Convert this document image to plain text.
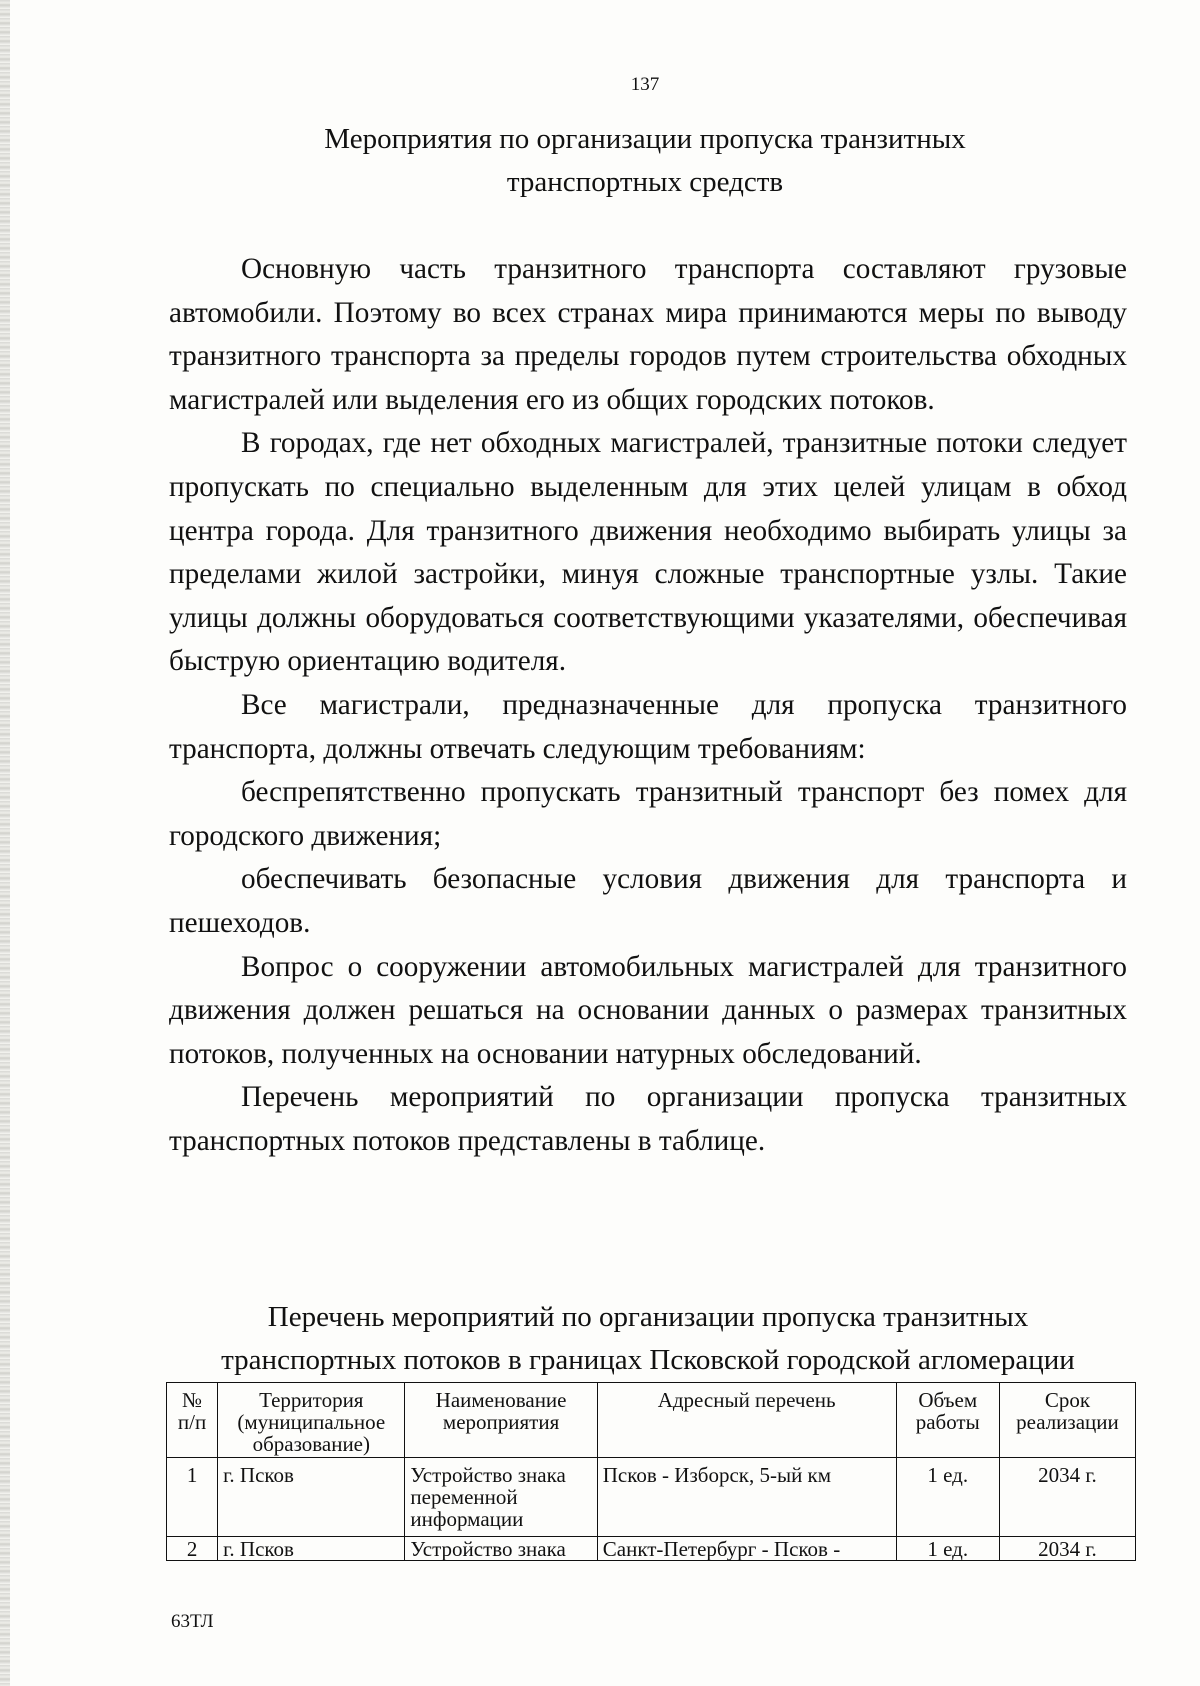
137
Мероприятия по организации пропуска транзитных
транспортных средств

Основную часть транзитного транспорта составляют грузовые автомобили. Поэтому во всех странах мира принимаются меры по выводу транзитного транспорта за пределы городов путем строительства обходных магистралей или выделения его из общих городских потоков.

В городах, где нет обходных магистралей, транзитные потоки следует пропускать по специально выделенным для этих целей улицам в обход центра города. Для транзитного движения необходимо выбирать улицы за пределами жилой застройки, минуя сложные транспортные узлы. Такие улицы должны оборудоваться соответствующими указателями, обеспечивая быструю ориентацию водителя.

Все магистрали, предназначенные для пропуска транзитного транспорта, должны отвечать следующим требованиям:

беспрепятственно пропускать транзитный транспорт без помех для городского движения;

обеспечивать безопасные условия движения для транспорта и пешеходов.

Вопрос о сооружении автомобильных магистралей для транзитного движения должен решаться на основании данных о размерах транзитных потоков, полученных на основании натурных обследований.

Перечень мероприятий по организации пропуска транзитных транспортных потоков представлены в таблице.

Перечень мероприятий по организации пропуска транзитных
транспортных потоков в границах Псковской городской агломерации
№ п/п	Территория (муниципальное образование)	Наименование мероприятия	Адресный перечень	Объем работы	Срок реализации
1	г. Псков	Устройство знака переменной информации	Псков - Изборск, 5-ый км	1 ед.	2034 г.
2	г. Псков	Устройство знака	Санкт-Петербург - Псков -	1 ед.	2034 г.
63ТЛ
